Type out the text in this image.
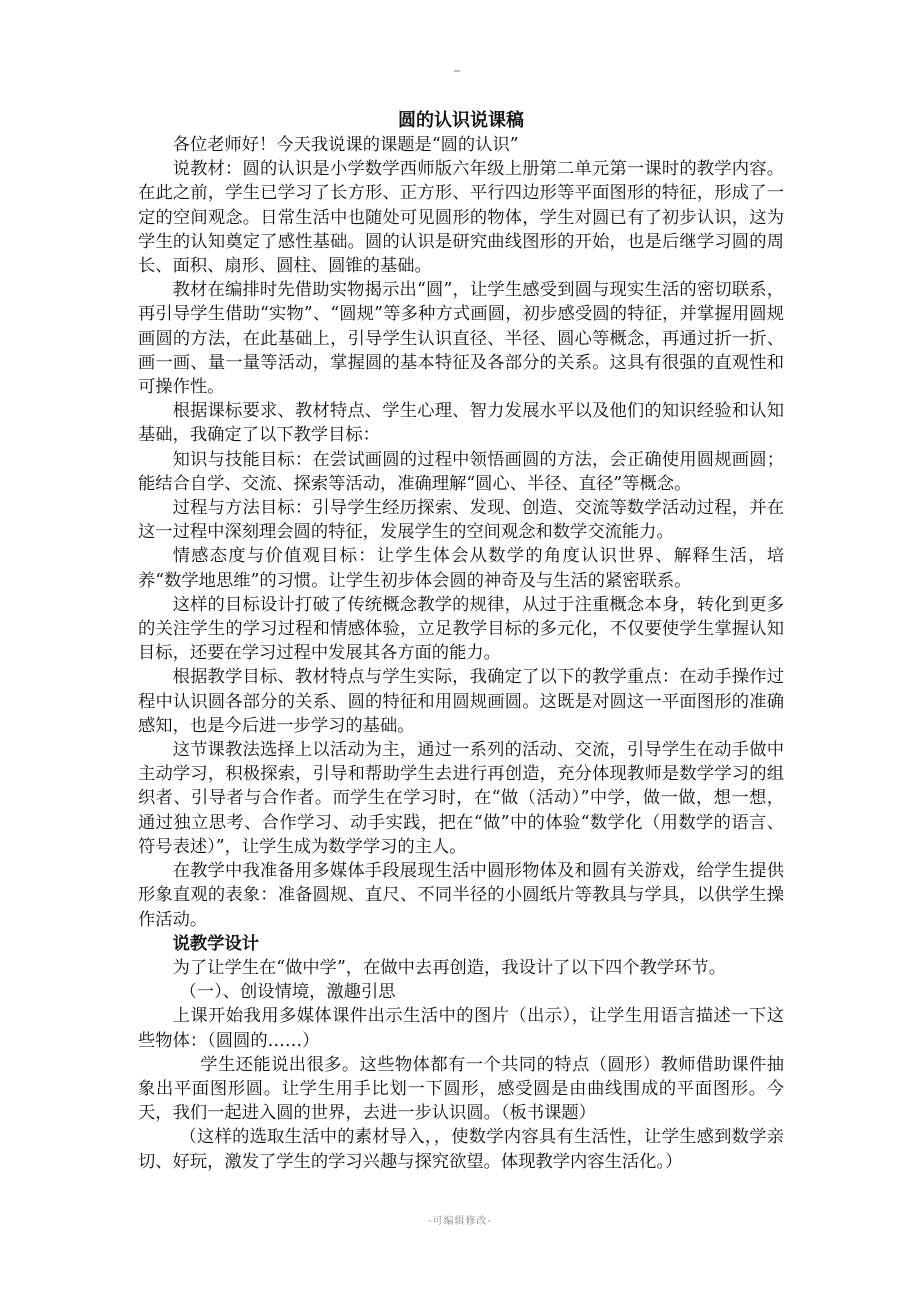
圆的认识说课稿

各位老师好！今天我说课的课题是“圆的认识”

说教材：圆的认识是小学数学西师版六年级上册第二单元第一课时的教学内容。在此之前，学生已学习了长方形、正方形、平行四边形等平面图形的特征，形成了一定的空间观念。日常生活中也随处可见圆形的物体，学生对圆已有了初步认识，这为学生的认知奠定了感性基础。圆的认识是研究曲线图形的开始，也是后继学习圆的周长、面积、扇形、圆柱、圆锥的基础。

教材在编排时先借助实物揭示出“圆”，让学生感受到圆与现实生活的密切联系，再引导学生借助“实物”、“圆规”等多种方式画圆，初步感受圆的特征，并掌握用圆规画圆的方法，在此基础上，引导学生认识直径、半径、圆心等概念，再通过折一折、画一画、量一量等活动，掌握圆的基本特征及各部分的关系。这具有很强的直观性和可操作性。

根据课标要求、教材特点、学生心理、智力发展水平以及他们的知识经验和认知基础，我确定了以下教学目标：

知识与技能目标：在尝试画圆的过程中领悟画圆的方法，会正确使用圆规画圆；能结合自学、交流、探索等活动，准确理解“圆心、半径、直径”等概念。

过程与方法目标：引导学生经历探索、发现、创造、交流等数学活动过程，并在这一过程中深刻理会圆的特征，发展学生的空间观念和数学交流能力。

情感态度与价值观目标：让学生体会从数学的角度认识世界、解释生活，培养“数学地思维”的习惯。让学生初步体会圆的神奇及与生活的紧密联系。

这样的目标设计打破了传统概念教学的规律，从过于注重概念本身，转化到更多的关注学生的学习过程和情感体验，立足教学目标的多元化，不仅要使学生掌握认知目标，还要在学习过程中发展其各方面的能力。

根据教学目标、教材特点与学生实际，我确定了以下的教学重点：在动手操作过程中认识圆各部分的关系、圆的特征和用圆规画圆。这既是对圆这一平面图形的准确感知，也是今后进一步学习的基础。

这节课教法选择上以活动为主，通过一系列的活动、交流，引导学生在动手做中主动学习，积极探索，引导和帮助学生去进行再创造，充分体现教师是数学学习的组织者、引导者与合作者。而学生在学习时，在“做（活动）”中学，做一做，想一想，通过独立思考、合作学习、动手实践，把在“做”中的体验“数学化（用数学的语言、符号表述）”，让学生成为数学学习的主人。

在教学中我准备用多媒体手段展现生活中圆形物体及和圆有关游戏，给学生提供形象直观的表象：准备圆规、直尺、不同半径的小圆纸片等教具与学具，以供学生操作活动。

说教学设计

为了让学生在“做中学”，在做中去再创造，我设计了以下四个教学环节。

（一）、创设情境，激趣引思

上课开始我用多媒体课件出示生活中的图片（出示），让学生用语言描述一下这些物体：（圆圆的……）

学生还能说出很多。这些物体都有一个共同的特点（圆形）教师借助课件抽象出平面图形圆。让学生用手比划一下圆形，感受圆是由曲线围成的平面图形。今天，我们一起进入圆的世界，去进一步认识圆。（板书课题）

（这样的选取生活中的素材导入，，使数学内容具有生活性，让学生感到数学亲切、好玩，激发了学生的学习兴趣与探究欲望。体现教学内容生活化。）

-可编辑修改-
